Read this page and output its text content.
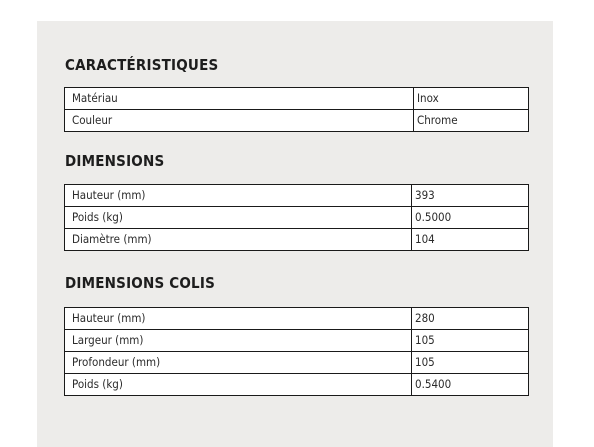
CARACTÉRISTIQUES
Matériau	Inox
Couleur	Chrome
DIMENSIONS
Hauteur (mm)	393
Poids (kg)	0.5000
Diamètre (mm)	104
DIMENSIONS COLIS
Hauteur (mm)	280
Largeur (mm)	105
Profondeur (mm)	105
Poids (kg)	0.5400
